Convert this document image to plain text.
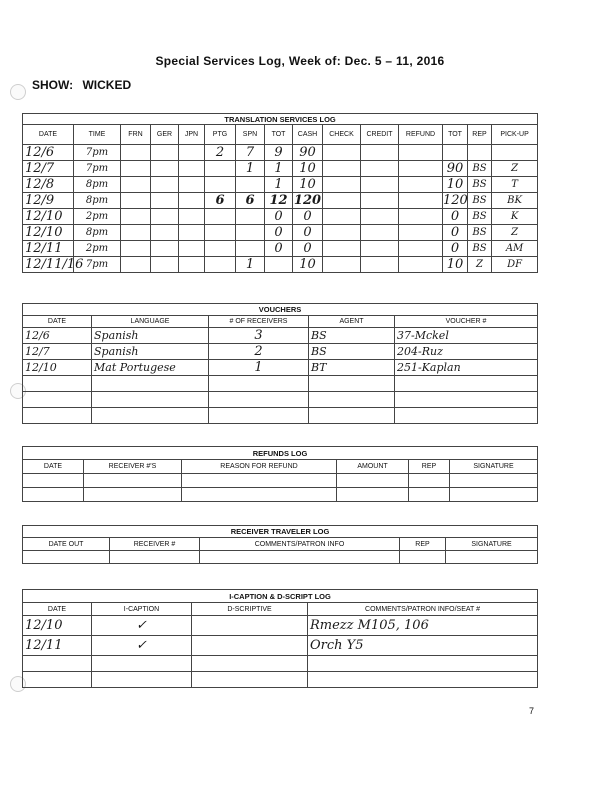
Special Services Log, Week of: Dec. 5 – 11, 2016
SHOW: WICKED
TRANSLATION SERVICES LOG														
DATE	TIME	FRN	GER	JPN	PTG	SPN	TOT	CASH	CHECK	CREDIT	REFUND	TOT	REP	PICK-UP
12/6	7pm				2	7	9	90						
12/7	7pm					1	1	10				90	BS	Z
12/8	8pm						1	10				10	BS	T
12/9	8pm				6	6	12	120				120	BS	BK
12/10	2pm						0	0				0	BS	K
12/10	8pm						0	0				0	BS	Z
12/11	2pm						0	0				0	BS	AM
12/11/16	7pm					1		10				10	Z	DF
VOUCHERS				
DATE	LANGUAGE	# OF RECEIVERS	AGENT	VOUCHER #
12/6	Spanish	3	BS	37-Mckel
12/7	Spanish	2	BS	204-Ruz
12/10	Mat Portugese	1	BT	251-Kaplan

REFUNDS LOG					
DATE	RECEIVER #'S	REASON FOR REFUND	AMOUNT	REP	SIGNATURE

RECEIVER TRAVELER LOG				
DATE OUT	RECEIVER #	COMMENTS/PATRON INFO	REP	SIGNATURE

I-CAPTION & D-SCRIPT LOG			
DATE	I-CAPTION	D-SCRIPTIVE	COMMENTS/PATRON INFO/SEAT #
12/10	✓		Rmezz M105, 106
12/11	✓		Orch Y5

7
